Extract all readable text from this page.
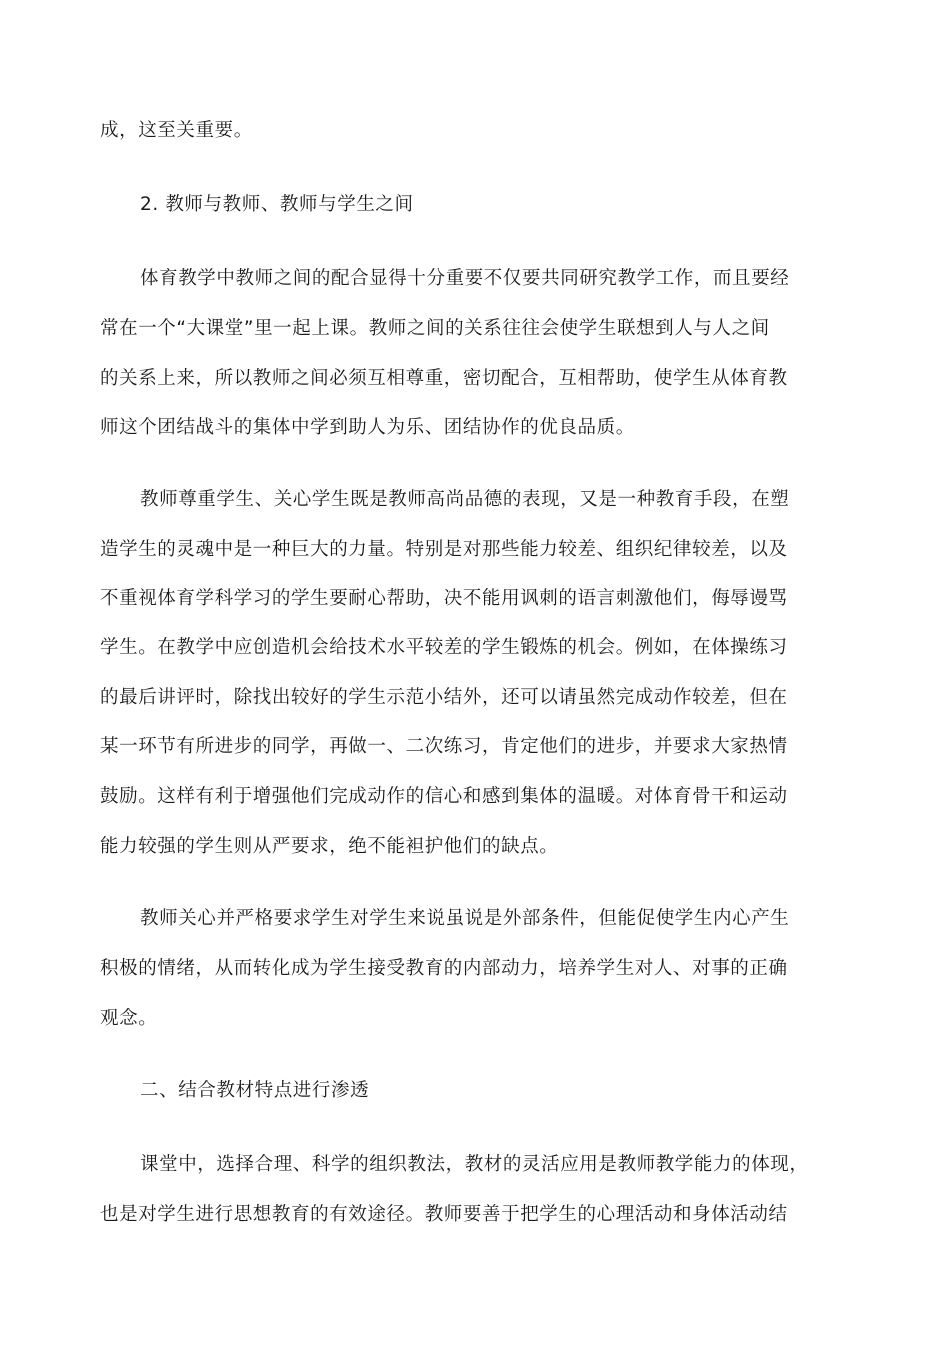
成，这至关重要。
2. 教师与教师、教师与学生之间
体育教学中教师之间的配合显得十分重要不仅要共同研究教学工作，而且要经
常在一个“大课堂”里一起上课。教师之间的关系往往会使学生联想到人与人之间
的关系上来，所以教师之间必须互相尊重，密切配合，互相帮助，使学生从体育教
师这个团结战斗的集体中学到助人为乐、团结协作的优良品质。
教师尊重学生、关心学生既是教师高尚品德的表现，又是一种教育手段，在塑
造学生的灵魂中是一种巨大的力量。特别是对那些能力较差、组织纪律较差，以及
不重视体育学科学习的学生要耐心帮助，决不能用讽刺的语言刺激他们，侮辱谩骂
学生。在教学中应创造机会给技术水平较差的学生锻炼的机会。例如，在体操练习
的最后讲评时，除找出较好的学生示范小结外，还可以请虽然完成动作较差，但在
某一环节有所进步的同学，再做一、二次练习，肯定他们的进步，并要求大家热情
鼓励。这样有利于增强他们完成动作的信心和感到集体的温暖。对体育骨干和运动
能力较强的学生则从严要求，绝不能袒护他们的缺点。
教师关心并严格要求学生对学生来说虽说是外部条件，但能促使学生内心产生
积极的情绪，从而转化成为学生接受教育的内部动力，培养学生对人、对事的正确
观念。
二、结合教材特点进行渗透
课堂中，选择合理、科学的组织教法，教材的灵活应用是教师教学能力的体现，
也是对学生进行思想教育的有效途径。教师要善于把学生的心理活动和身体活动结
